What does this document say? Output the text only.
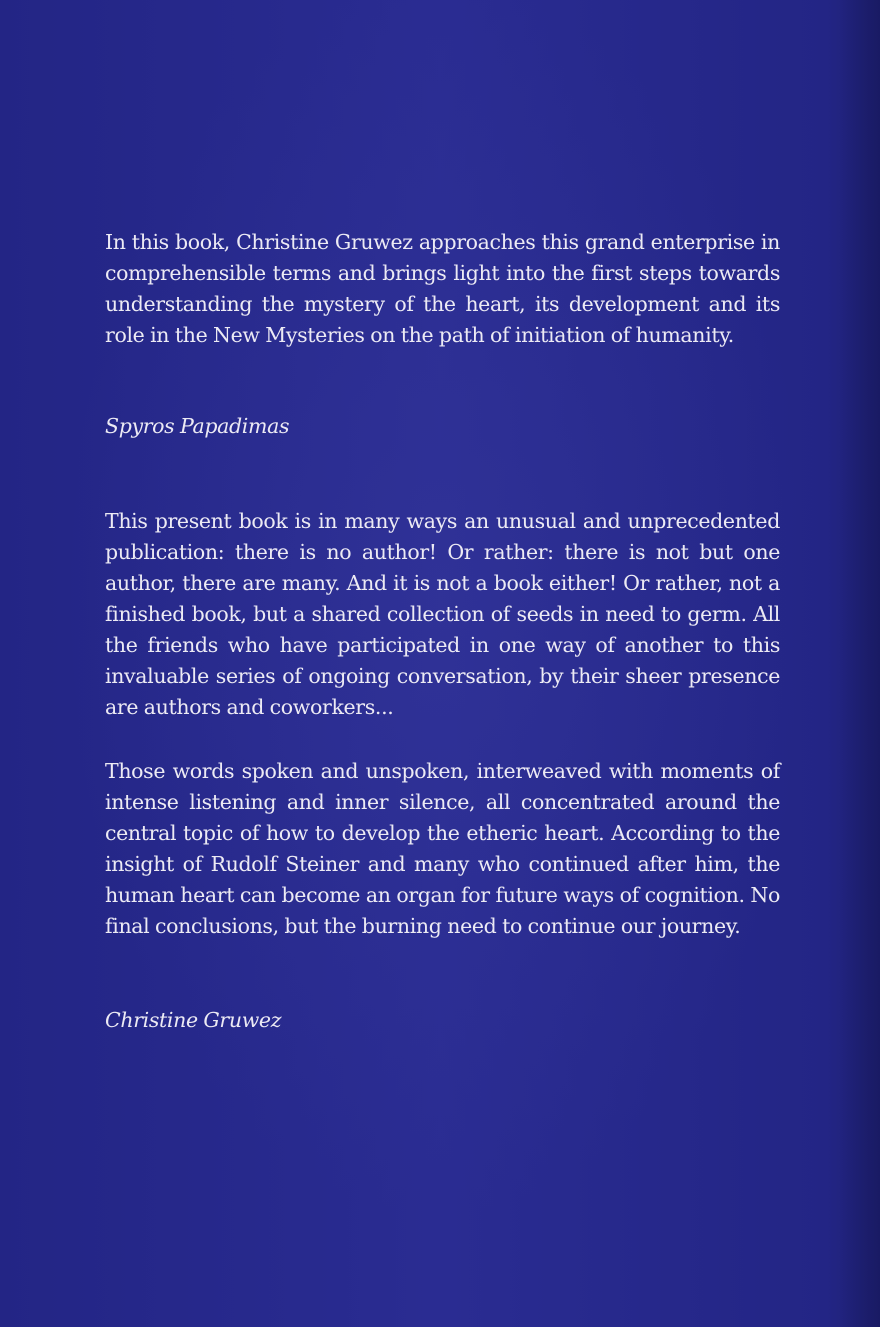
In this book, Christine Gruwez approaches this grand enterprise in comprehensible terms and brings light into the first steps towards understanding the mystery of the heart, its development and its role in the New Mysteries on the path of initiation of humanity.

Spyros Papadimas

This present book is in many ways an unusual and unprecedented publication: there is no author! Or rather: there is not but one author, there are many. And it is not a book either! Or rather, not a finished book, but a shared collection of seeds in need to germ. All the friends who have participated in one way of another to this invaluable series of ongoing conversation, by their sheer presence are authors and coworkers...

Those words spoken and unspoken, interweaved with moments of intense listening and inner silence, all concentrated around the central topic of how to develop the etheric heart. According to the insight of Rudolf Steiner and many who continued after him, the human heart can become an organ for future ways of cognition. No final conclusions, but the burning need to continue our journey.

Christine Gruwez
